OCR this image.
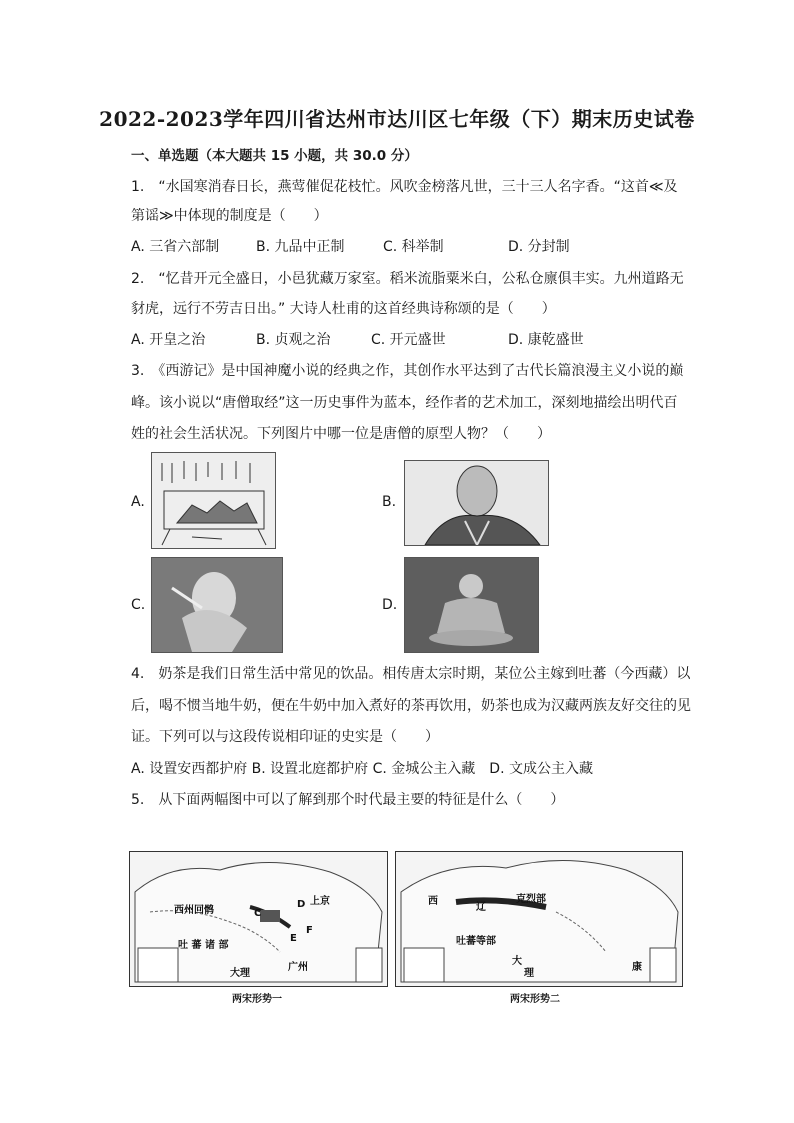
2022-2023学年四川省达州市达川区七年级（下）期末历史试卷
一、单选题（本大题共 15 小题，共 30.0 分）
1.　“水国寒消春日长，燕莺催促花枝忙。风吹金榜落凡世，三十三人名字香。“这首≪及
第谣≫中体现的制度是（　　）
A. 三省六部制	B. 九品中正制	C. 科举制	D. 分封制
2.　“忆昔开元全盛日，小邑犹藏万家室。稻米流脂粟米白，公私仓廪俱丰实。九州道路无
豺虎，远行不劳吉日出。” 大诗人杜甫的这首经典诗称颂的是（　　）
A. 开皇之治	B. 贞观之治	C. 开元盛世	D. 康乾盛世
3.　《西游记》是中国神魔小说的经典之作，其创作水平达到了古代长篇浪漫主义小说的巅
峰。该小说以“唐僧取经”这一历史事件为蓝本，经作者的艺术加工，深刻地描绘出明代百
姓的社会生活状况。下列图片中哪一位是唐僧的原型人物？（　　）
A.	B.
C.	D.
4.　奶茶是我们日常生活中常见的饮品。相传唐太宗时期，某位公主嫁到吐蕃（今西藏）以
后，喝不惯当地牛奶，便在牛奶中加入煮好的茶再饮用，奶茶也成为汉藏两族友好交往的见
证。下列可以与这段传说相印证的史实是（　　）
A. 设置安西都护府 B. 设置北庭都护府 C. 金城公主入藏　D. 文成公主入藏
5.　从下面两幅图中可以了解到那个时代最主要的特征是什么（　　）
西州回鹘
上京
C
D
F
E
吐 蕃 诸 部
广州
大理
两宋形势一
克烈部
西
辽
吐蕃等部
大
理
康
两宋形势二
